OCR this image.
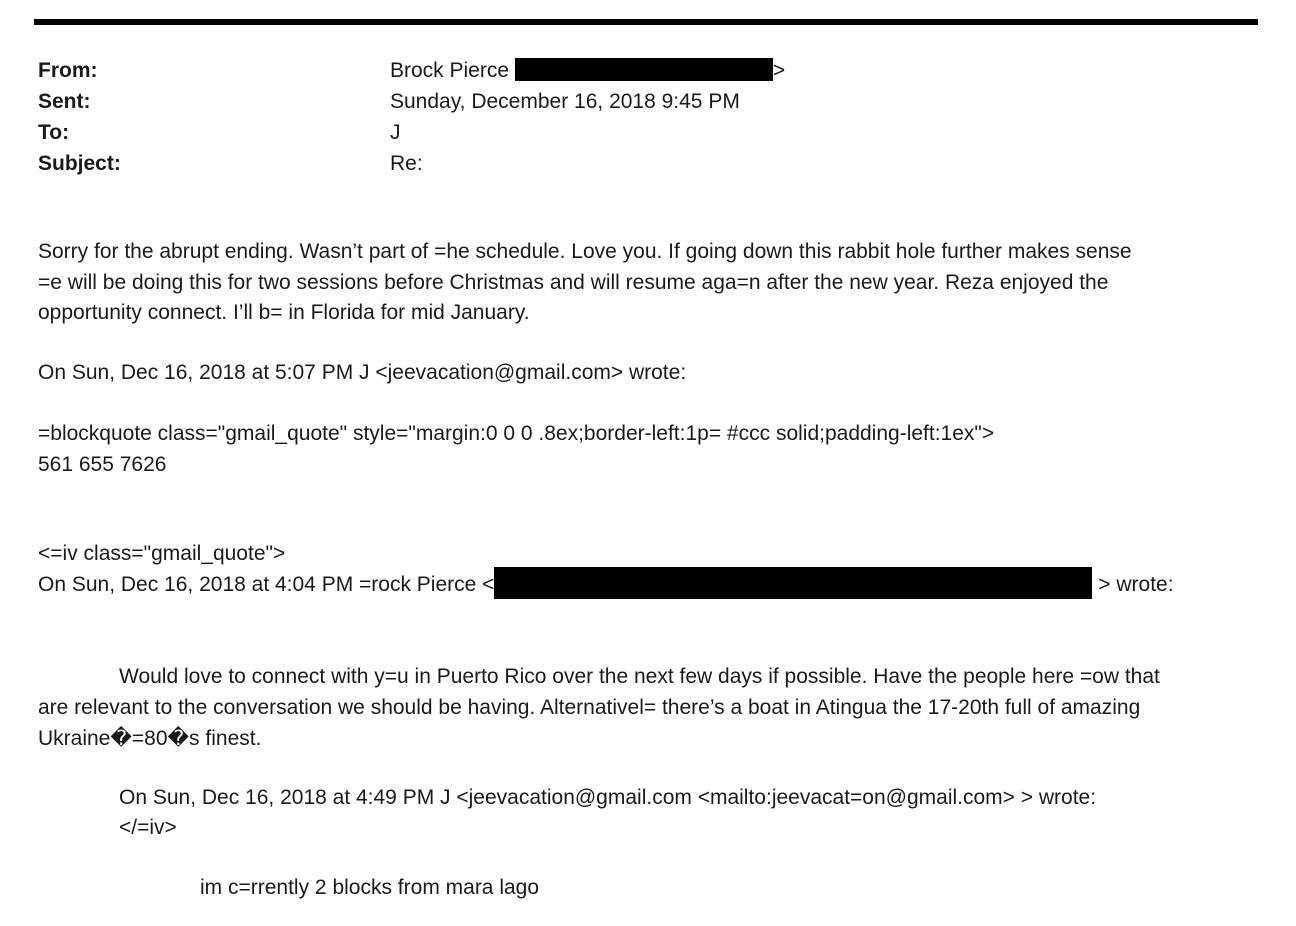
From:	Brock Pierce	>
Sent:	Sunday, December 16, 2018 9:45 PM
To:	J
Subject:	Re:
Sorry for the abrupt ending. Wasn’t part of =he schedule. Love you. If going down this rabbit hole further makes sense
=e will be doing this for two sessions before Christmas and will resume aga=n after the new year. Reza enjoyed the
opportunity connect. I’ll b= in Florida for mid January.
On Sun, Dec 16, 2018 at 5:07 PM J <jeevacation@gmail.com> wrote:
=blockquote class="gmail_quote" style="margin:0 0 0 .8ex;border-left:1p= #ccc solid;padding-left:1ex">
561 655 7626
<=iv class="gmail_quote">
On Sun, Dec 16, 2018 at 4:04 PM =rock Pierce <	> wrote:
Would love to connect with y=u in Puerto Rico over the next few days if possible. Have the people here =ow that
are relevant to the conversation we should be having. Alternativel= there’s a boat in Atingua the 17-20th full of amazing
Ukraine�=80�s finest.
On Sun, Dec 16, 2018 at 4:49 PM J <jeevacation@gmail.com <mailto:jeevacat=on@gmail.com> > wrote:
</=iv>
im c=rrently 2 blocks from mara lago
